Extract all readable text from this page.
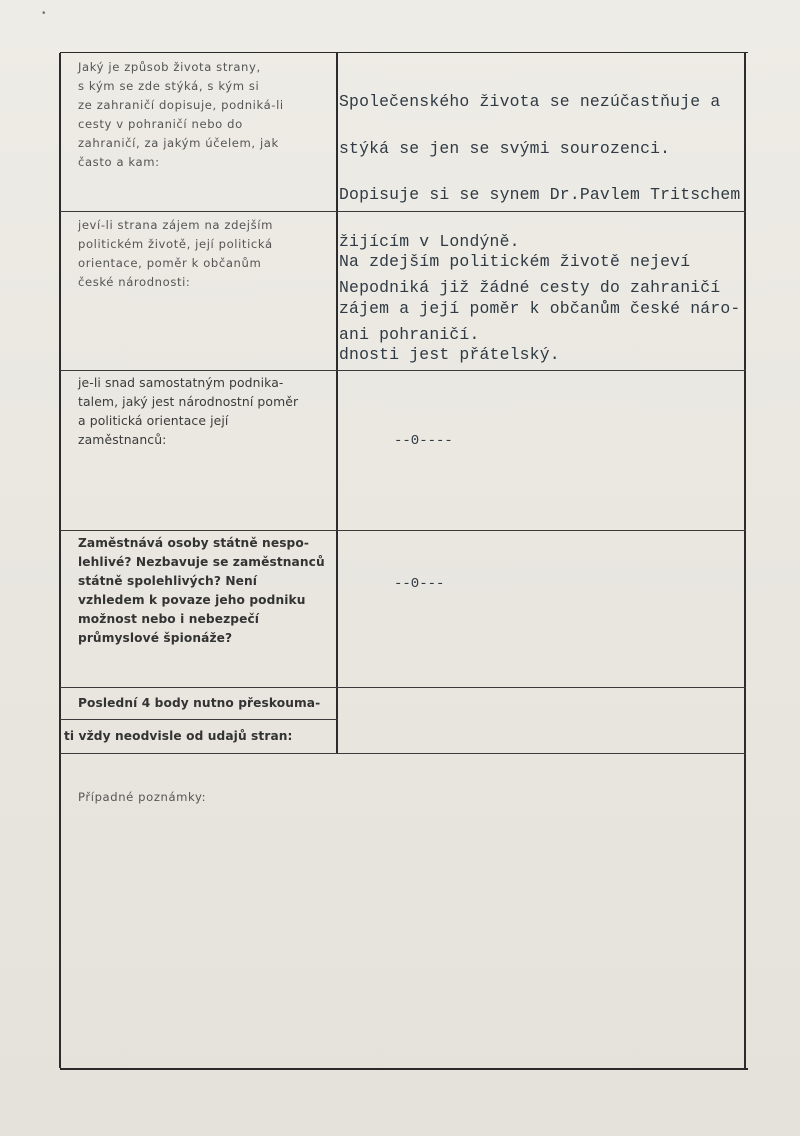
•
Jaký je způsob života strany,
s kým se zde stýká, s kým si
ze zahraničí dopisuje, podniká-li
cesty v pohraničí nebo do
zahraničí, za jakým účelem, jak
často a kam:

Společenského života se nezúčastňuje a

stýká se jen se svými sourozenci.

Dopisuje si se synem Dr.Pavlem Tritschem

žijícím v Londýně.

Nepodniká již žádné cesty do zahraničí

ani pohraničí.

jeví-li strana zájem na zdejším
politickém životě, její politická
orientace, poměr k občanům
české národnosti:

Na zdejším politickém životě nejeví

zájem a její poměr k občanům české náro-

dnosti jest přátelský.

je-li snad samostatným podnika-
talem, jaký jest národnostní poměr
a politická orientace její
zaměstnanců:	--0----
Zaměstnává osoby státně nespo-
lehlivé? Nezbavuje se zaměstnanců
státně spolehlivých? Není
vzhledem k povaze jeho podniku
možnost nebo i nebezpečí
průmyslové špionáže?
--0---
Poslední 4 body nutno přeskouma-
ti vždy neodvisle od udajů stran:
Případné poznámky:
